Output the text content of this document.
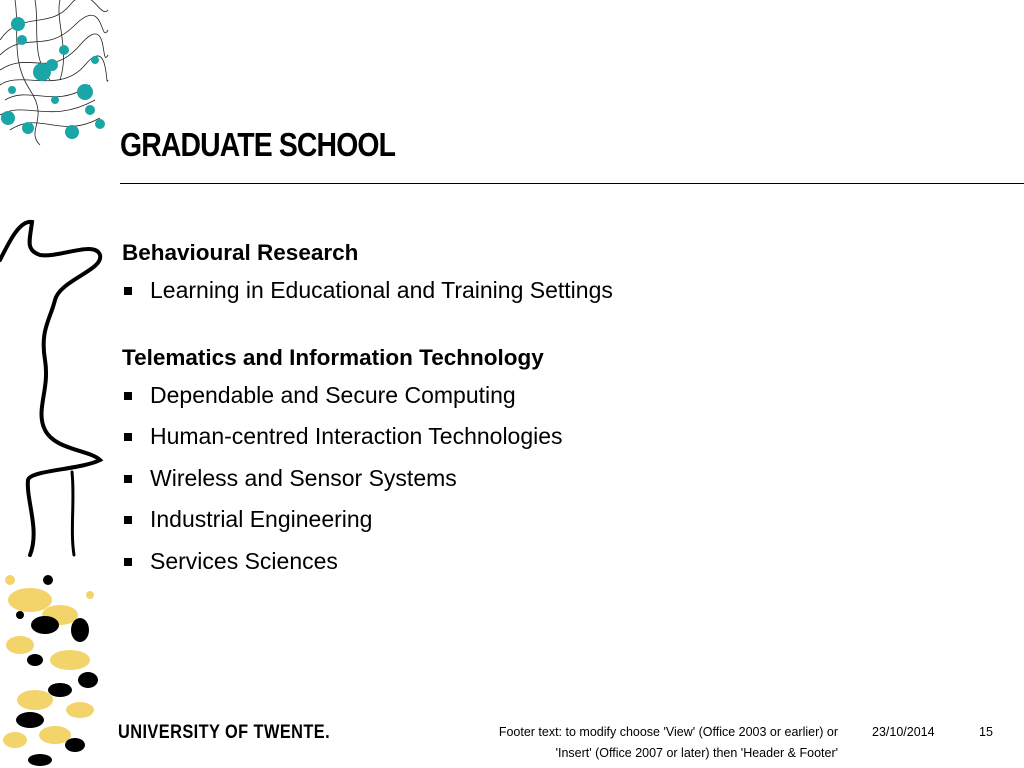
GRADUATE SCHOOL
Behavioural Research
Learning in Educational and Training Settings
Telematics and Information Technology
Dependable and Secure Computing
Human-centred Interaction Technologies
Wireless and Sensor Systems
Industrial Engineering
Services Sciences
UNIVERSITY OF TWENTE.	Footer text: to modify choose 'View' (Office 2003 or earlier) or
'Insert' (Office 2007 or later) then 'Header & Footer'
23/10/2014	15
